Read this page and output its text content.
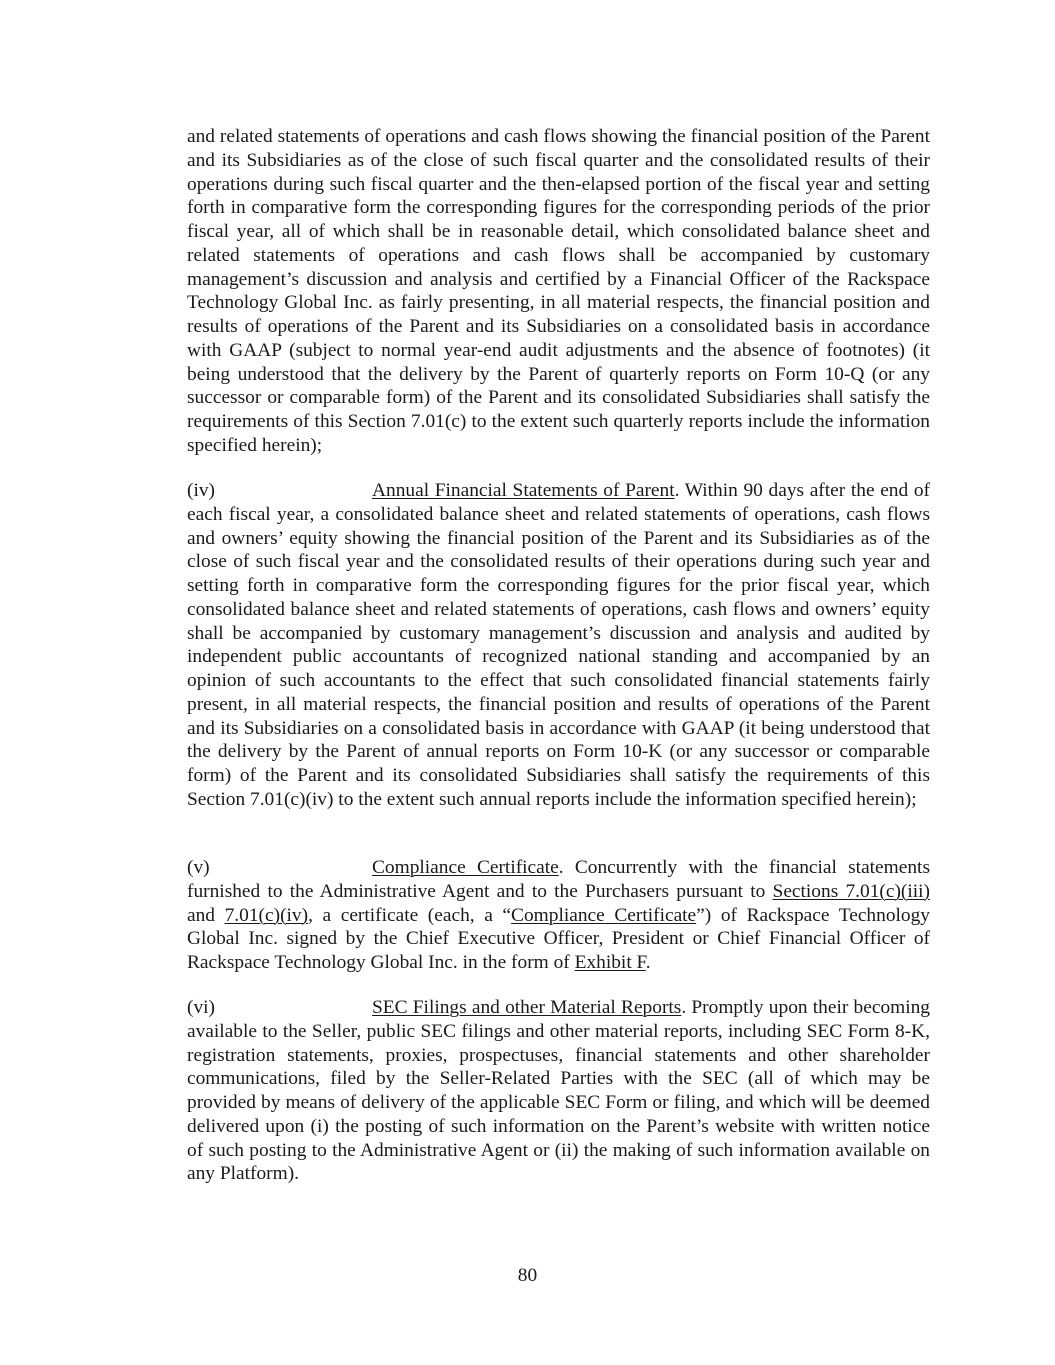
and related statements of operations and cash flows showing the financial position of the Parent and its Subsidiaries as of the close of such fiscal quarter and the consolidated results of their operations during such fiscal quarter and the then-elapsed portion of the fiscal year and setting forth in comparative form the corresponding figures for the corresponding periods of the prior fiscal year, all of which shall be in reasonable detail, which consolidated balance sheet and related statements of operations and cash flows shall be accompanied by customary management’s discussion and analysis and certified by a Financial Officer of the Rackspace Technology Global Inc. as fairly presenting, in all material respects, the financial position and results of operations of the Parent and its Subsidiaries on a consolidated basis in accordance with GAAP (subject to normal year-end audit adjustments and the absence of footnotes) (it being understood that the delivery by the Parent of quarterly reports on Form 10-Q (or any successor or comparable form) of the Parent and its consolidated Subsidiaries shall satisfy the requirements of this Section 7.01(c) to the extent such quarterly reports include the information specified herein);

(iv)	Annual Financial Statements of Parent. Within 90 days after the end of each fiscal year, a consolidated balance sheet and related statements of operations, cash flows and owners’ equity showing the financial position of the Parent and its Subsidiaries as of the close of such fiscal year and the consolidated results of their operations during such year and setting forth in comparative form the corresponding figures for the prior fiscal year, which consolidated balance sheet and related statements of operations, cash flows and owners’ equity shall be accompanied by customary management’s discussion and analysis and audited by independent public accountants of recognized national standing and accompanied by an opinion of such accountants to the effect that such consolidated financial statements fairly present, in all material respects, the financial position and results of operations of the Parent and its Subsidiaries on a consolidated basis in accordance with GAAP (it being understood that the delivery by the Parent of annual reports on Form 10-K (or any successor or comparable form) of the Parent and its consolidated Subsidiaries shall satisfy the requirements of this Section 7.01(c)(iv) to the extent such annual reports include the information specified herein);

(v)	Compliance Certificate. Concurrently with the financial statements furnished to the Administrative Agent and to the Purchasers pursuant to Sections 7.01(c)(iii) and 7.01(c)(iv), a certificate (each, a “Compliance Certificate”) of Rackspace Technology Global Inc. signed by the Chief Executive Officer, President or Chief Financial Officer of Rackspace Technology Global Inc. in the form of Exhibit F.

(vi)	SEC Filings and other Material Reports. Promptly upon their becoming available to the Seller, public SEC filings and other material reports, including SEC Form 8-K, registration statements, proxies, prospectuses, financial statements and other shareholder communications, filed by the Seller-Related Parties with the SEC (all of which may be provided by means of delivery of the applicable SEC Form or filing, and which will be deemed delivered upon (i) the posting of such information on the Parent’s website with written notice of such posting to the Administrative Agent or (ii) the making of such information available on any Platform).

80
